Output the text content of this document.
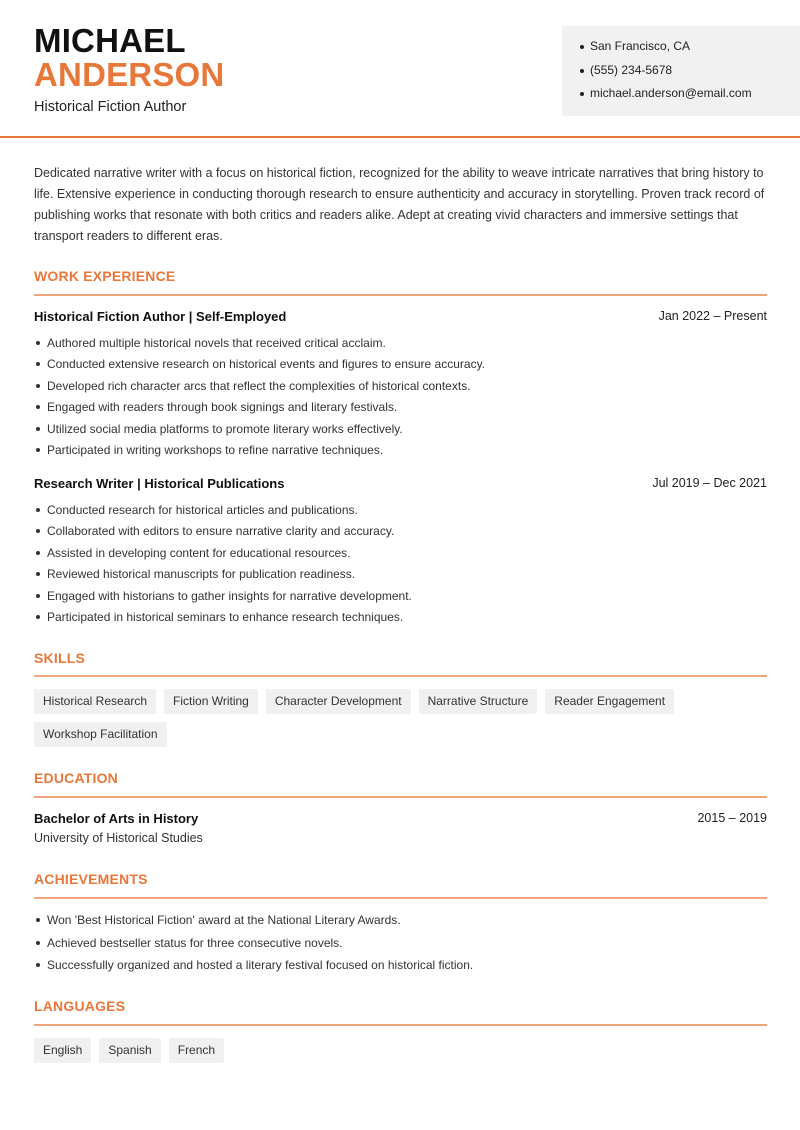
MICHAEL
ANDERSON
Historical Fiction Author
San Francisco, CA
(555) 234-5678
michael.anderson@email.com

Dedicated narrative writer with a focus on historical fiction, recognized for the ability to weave intricate narratives that bring history to life. Extensive experience in conducting thorough research to ensure authenticity and accuracy in storytelling. Proven track record of publishing works that resonate with both critics and readers alike. Adept at creating vivid characters and immersive settings that transport readers to different eras.

WORK EXPERIENCE
Historical Fiction Author | Self-Employed	Jan 2022 – Present
Authored multiple historical novels that received critical acclaim.
Conducted extensive research on historical events and figures to ensure accuracy.
Developed rich character arcs that reflect the complexities of historical contexts.
Engaged with readers through book signings and literary festivals.
Utilized social media platforms to promote literary works effectively.
Participated in writing workshops to refine narrative techniques.
Research Writer | Historical Publications	Jul 2019 – Dec 2021
Conducted research for historical articles and publications.
Collaborated with editors to ensure narrative clarity and accuracy.
Assisted in developing content for educational resources.
Reviewed historical manuscripts for publication readiness.
Engaged with historians to gather insights for narrative development.
Participated in historical seminars to enhance research techniques.
SKILLS
Historical Research	Fiction Writing	Character Development	Narrative Structure	Reader Engagement
Workshop Facilitation
EDUCATION
Bachelor of Arts in History
University of Historical Studies
2015 – 2019
ACHIEVEMENTS
Won 'Best Historical Fiction' award at the National Literary Awards.
Achieved bestseller status for three consecutive novels.
Successfully organized and hosted a literary festival focused on historical fiction.
LANGUAGES
English	Spanish	French
